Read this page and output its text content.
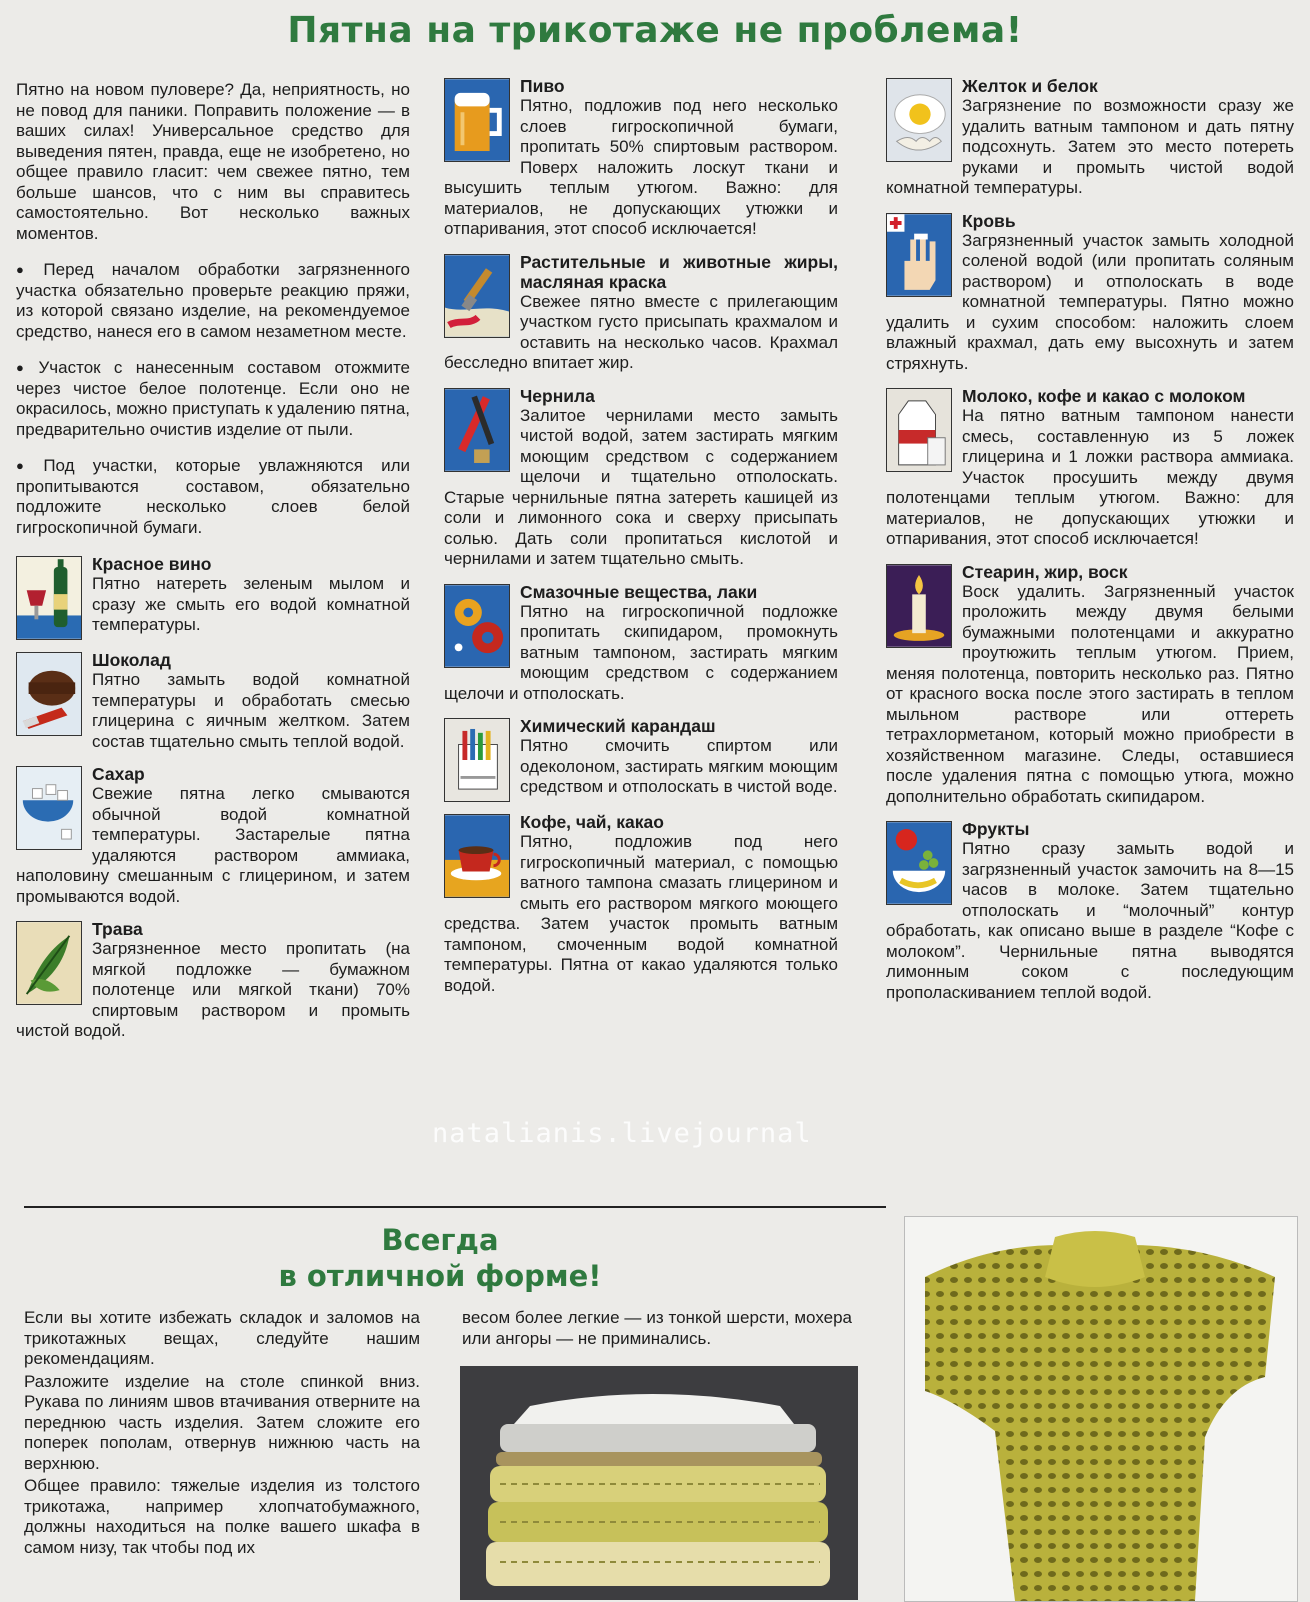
Пятна на трикотаже не проблема!

Пятно на новом пуловере? Да, неприятность, но не повод для паники. Поправить положение — в ваших силах! Универсальное средство для выведения пятен, правда, еще не изобретено, но общее правило гласит: чем свежее пятно, тем больше шансов, что с ним вы справитесь самостоятельно. Вот несколько важных моментов.

● Перед началом обработки загрязненного участка обязательно проверьте реакцию пряжи, из которой связано изделие, на рекомендуемое средство, нанеся его в самом незаметном месте.

● Участок с нанесенным составом отожмите через чистое белое полотенце. Если оно не окрасилось, можно приступать к удалению пятна, предварительно очистив изделие от пыли.

● Под участки, которые увлажняются или пропитываются составом, обязательно подложите несколько слоев белой гигроскопичной бумаги.

Красное вино
Пятно натереть зеленым мылом и сразу же смыть его водой комнатной температуры.
Шоколад
Пятно замыть водой комнатной температуры и обработать смесью глицерина с яичным желтком. Затем состав тщательно смыть теплой водой.
Сахар
Свежие пятна легко смываются обычной водой комнатной температуры. Застарелые пятна удаляются раствором аммиака, наполовину смешанным с глицерином, и затем промываются водой.
Трава
Загрязненное место пропитать (на мягкой подложке — бумажном полотенце или мягкой ткани) 70% спиртовым раствором и промыть чистой водой.
Пиво
Пятно, подложив под него несколько слоев гигроскопичной бумаги, пропитать 50% спиртовым раствором. Поверх наложить лоскут ткани и высушить теплым утюгом. Важно: для материалов, не допускающих утюжки и отпаривания, этот способ исключается!
Растительные и животные жиры, масляная краска
Свежее пятно вместе с прилегающим участком густо присыпать крахмалом и оставить на несколько часов. Крахмал бесследно впитает жир.
Чернила
Залитое чернилами место замыть чистой водой, затем застирать мягким моющим средством с содержанием щелочи и тщательно отполоскать. Старые чернильные пятна затереть кашицей из соли и лимонного сока и сверху присыпать солью. Дать соли пропитаться кислотой и чернилами и затем тщательно смыть.
Смазочные вещества, лаки
Пятно на гигроскопичной подложке пропитать скипидаром, промокнуть ватным тампоном, застирать мягким моющим средством с содержанием щелочи и отполоскать.
Химический карандаш
Пятно смочить спиртом или одеколоном, застирать мягким моющим средством и отполоскать в чистой воде.
Кофе, чай, какао
Пятно, подложив под него гигроскопичный материал, с помощью ватного тампона смазать глицерином и смыть его раствором мягкого моющего средства. Затем участок промыть ватным тампоном, смоченным водой комнатной температуры. Пятна от какао удаляются только водой.
Желток и белок
Загрязнение по возможности сразу же удалить ватным тампоном и дать пятну подсохнуть. Затем это место потереть руками и промыть чистой водой комнатной температуры.
Кровь
Загрязненный участок замыть холодной соленой водой (или пропитать соляным раствором) и отполоскать в воде комнатной температуры. Пятно можно удалить и сухим способом: наложить слоем влажный крахмал, дать ему высохнуть и затем стряхнуть.
Молоко, кофе и какао с молоком
На пятно ватным тампоном нанести смесь, составленную из 5 ложек глицерина и 1 ложки раствора аммиака. Участок просушить между двумя полотенцами теплым утюгом. Важно: для материалов, не допускающих утюжки и отпаривания, этот способ исключается!
Стеарин, жир, воск
Воск удалить. Загрязненный участок проложить между двумя белыми бумажными полотенцами и аккуратно проутюжить теплым утюгом. Прием, меняя полотенца, повторить несколько раз. Пятно от красного воска после этого застирать в теплом мыльном растворе или оттереть тетрахлорметаном, который можно приобрести в хозяйственном магазине. Следы, оставшиеся после удаления пятна с помощью утюга, можно дополнительно обработать скипидаром.
Фрукты
Пятно сразу замыть водой и загрязненный участок замочить на 8—15 часов в молоке. Затем тщательно отполоскать и “молочный” контур обработать, как описано выше в разделе “Кофе с молоком”. Чернильные пятна выводятся лимонным соком с последующим прополаскиванием теплой водой.
natalianis.livejournal
Всегда
в отличной форме!

Если вы хотите избежать складок и заломов на трикотажных вещах, следуйте нашим рекомендациям.

Разложите изделие на столе спинкой вниз. Рукава по линиям швов втачивания отверните на переднюю часть изделия. Затем сложите его поперек пополам, отвернув нижнюю часть на верхнюю.

Общее правило: тяжелые изделия из толстого трикотажа, например хлопчатобумажного, должны находиться на полке вашего шкафа в самом низу, так чтобы под их

весом более легкие — из тонкой шерсти, мохера или ангоры — не приминались.
